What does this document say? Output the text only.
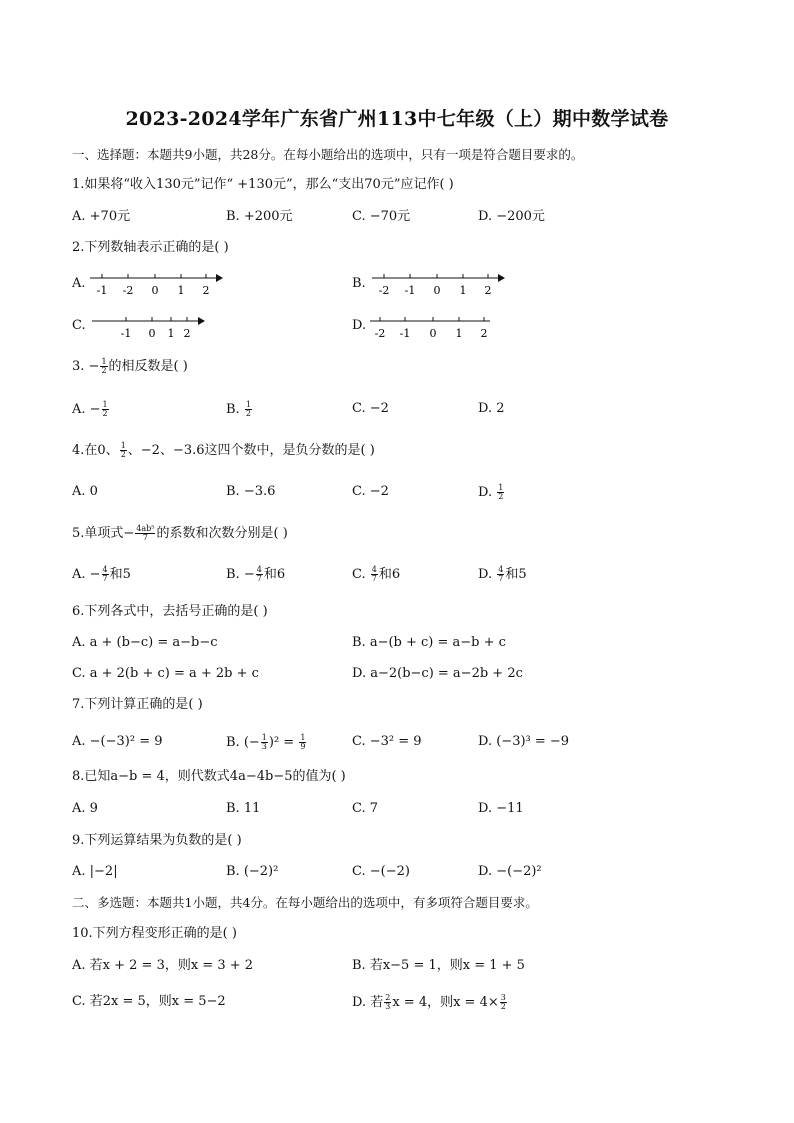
2023-2024学年广东省广州113中七年级（上）期中数学试卷
一、选择题：本题共9小题，共28分。在每小题给出的选项中，只有一项是符合题目要求的。
1.如果将“收入130元”记作“ +130元”，那么“支出70元”应记作( )
A. +70元	B. +200元	C. −70元	D. −200元
2.下列数轴表示正确的是( )
A.	B.
C.	D.
-1 -2 0 1 2	-2 -1 0 1 2
-1 0 1 2	-2 -1 0 1 2
3. − $\frac{1}{2}$ 的相反数是( )
A. − $\frac{1}{2}$	B. $\frac{1}{2}$	C. −2	D. 2
4.在0、 $\frac{1}{2}$ 、−2、−3.6这四个数中，是负分数的是( )
A. 0	B. −3.6	C. −2	D. $\frac{1}{2}$
5.单项式− $\frac{\text{4ab⁵}}{7}$ 的系数和次数分别是( )
A. − $\frac{4}{7}$ 和5	B. − $\frac{4}{7}$ 和6	C. $\frac{4}{7}$ 和6	D. $\frac{4}{7}$ 和5
6.下列各式中，去括号正确的是( )
A. a + (b−c) = a−b−c	B. a−(b + c) = a−b + c
C. a + 2(b + c) = a + 2b + c	D. a−2(b−c) = a−2b + 2c
7.下列计算正确的是( )
A. −(−3)² = 9	B. (− $\frac{1}{3} )^2 = \frac{1}{9}$	C. −3² = 9	D. (−3)³ = −9
8.已知a−b = 4，则代数式4a−4b−5的值为( )
A. 9	B. 11	C. 7	D. −11
9.下列运算结果为负数的是( )
A. |−2|	B. (−2)²	C. −(−2)	D. −(−2)²
二、多选题：本题共1小题，共4分。在每小题给出的选项中，有多项符合题目要求。
10.下列方程变形正确的是( )
A. 若x + 2 = 3，则x = 3 + 2	B. 若x−5 = 1，则x = 1 + 5
C. 若2x = 5，则x = 5−2	D. 若 $\frac{2}{3}$ x = 4，则$x = 4\times \frac{3}{2}$
